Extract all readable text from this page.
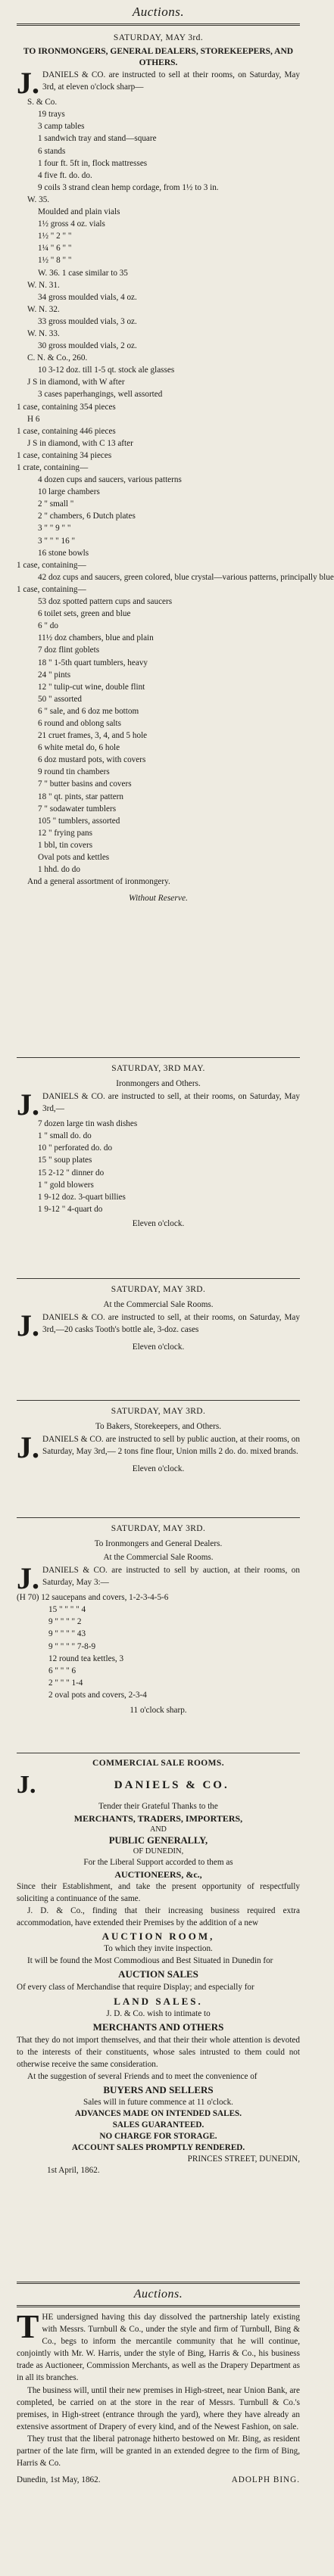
Auctions.
SATURDAY, MAY 3rd.
TO IRONMONGERS, GENERAL DEALERS, STOREKEEPERS, AND OTHERS.
J. DANIELS & CO. are instructed to sell at their rooms, on Saturday, May 3rd, at eleven o'clock sharp—
S. & Co.
19 trays
3 camp tables
1 sandwich tray and stand—square
6 stands
1 four ft. 5ft in, flock mattresses
4 five ft. do. do.
9 coils 3 strand clean hemp cordage, from 1½ to 3 in.
W. 35.
Moulded and plain vials
1½ gross 4 oz. vials
1½ " 2 " "
1¼ " 6 " "
1½ " 8 " "
W. 36. 1 case similar to 35
W. N. 31.
34 gross moulded vials, 4 oz.
W. N. 32.
33 gross moulded vials, 3 oz.
W. N. 33.
30 gross moulded vials, 2 oz.
C. N. & Co., 260.
10 3-12 doz. till 1-5 qt. stock ale glasses
J S in diamond, with W after
3 cases paperhangings, well assorted
1 case, containing 354 pieces
H 6
1 case, containing 446 pieces
J S in diamond, with C 13 after
1 case, containing 34 pieces
1 crate, containing—
4 dozen cups and saucers, various patterns
10 large chambers
2 " small "
2 " chambers, 6 Dutch plates
3 " " 9 " "
3 " " " 16 "
16 stone bowls
1 case, containing—
42 doz cups and saucers, green colored, blue crystal—various patterns, principally blue
1 case, containing—
53 doz spotted pattern cups and saucers
6 toilet sets, green and blue
6 " do
11½ doz chambers, blue and plain
7 doz flint goblets
18 " 1-5th quart tumblers, heavy
24 " pints
12 " tulip-cut wine, double flint
50 " assorted
6 " sale, and 6 doz me bottom
6 round and oblong salts
21 cruet frames, 3, 4, and 5 hole
6 white metal do, 6 hole
6 doz mustard pots, with covers
9 round tin chambers
7 " butter basins and covers
18 " qt. pints, star pattern
7 " sodawater tumblers
105 " tumblers, assorted
12 " frying pans
1 bbl, tin covers
Oval pots and kettles
1 hhd. do do
And a general assortment of ironmongery.
Without Reserve.
SATURDAY, 3RD MAY.
Ironmongers and Others.
J. DANIELS & CO. are instructed to sell, at their rooms, on Saturday, May 3rd,—
7 dozen large tin wash dishes
1 " small do. do
10 " perforated do. do
15 " soup plates
15 2-12 " dinner do
1 " gold blowers
1 9-12 doz. 3-quart billies
1 9-12 " 4-quart do
Eleven o'clock.
SATURDAY, MAY 3RD.
At the Commercial Sale Rooms.
J. DANIELS & CO. are instructed to sell, at their rooms, on Saturday, May 3rd,—20 casks Tooth's bottle ale, 3-doz. cases
Eleven o'clock.
SATURDAY, MAY 3RD.
To Bakers, Storekeepers, and Others.
J. DANIELS & CO. are instructed to sell by public auction, at their rooms, on Saturday, May 3rd,— 2 tons fine flour, Union mills 2 do. do. mixed brands.
Eleven o'clock.
SATURDAY, MAY 3RD.
To Ironmongers and General Dealers.
At the Commercial Sale Rooms.
J. DANIELS & CO. are instructed to sell by auction, at their rooms, on Saturday, May 3:—
(H 70) 12 saucepans and covers, 1-2-3-4-5-6
15 " " " " 4
9 " " " " 2
9 " " " " 43
9 " " " " 7-8-9
12 round tea kettles, 3
6 " " " 6
2 " " " 1-4
2 oval pots and covers, 2-3-4
11 o'clock sharp.
COMMERCIAL SALE ROOMS.
J.	DANIELS & CO.
Tender their Grateful Thanks to the
MERCHANTS, TRADERS, IMPORTERS,
AND
PUBLIC GENERALLY,
OF DUNEDIN,
For the Liberal Support accorded to them as
AUCTIONEERS, &c.,
Since their Establishment, and take the present opportunity of respectfully soliciting a continuance of the same.
J. D. & Co., finding that their increasing business required extra accommodation, have extended their Premises by the addition of a new
AUCTION ROOM,
To which they invite inspection.
It will be found the Most Commodious and Best Situated in Dunedin for
AUCTION SALES
Of every class of Merchandise that require Display; and especially for
LAND SALES.
J. D. & Co. wish to intimate to
MERCHANTS AND OTHERS
That they do not import themselves, and that their their whole attention is devoted to the interests of their constituents, whose sales intrusted to them could not otherwise receive the same consideration.
At the suggestion of several Friends and to meet the convenience of
BUYERS AND SELLERS
Sales will in future commence at 11 o'clock.
ADVANCES MADE ON INTENDED SALES.
SALES GUARANTEED.
NO CHARGE FOR STORAGE.
ACCOUNT SALES PROMPTLY RENDERED.
PRINCES STREET, DUNEDIN,
1st April, 1862.
Auctions.
T HE undersigned having this day dissolved the partnership lately existing with Messrs. Turnbull & Co., under the style and firm of Turnbull, Bing & Co., begs to inform the mercantile community that he will continue, conjointly with Mr. W. Harris, under the style of Bing, Harris & Co., his business trade as Auctioneer, Commission Merchants, as well as the Drapery Department as in all its branches.
The business will, until their new premises in High-street, near Union Bank, are completed, be carried on at the store in the rear of Messrs. Turnbull & Co.'s premises, in High-street (entrance through the yard), where they have already an extensive assortment of Drapery of every kind, and of the Newest Fashion, on sale.
They trust that the liberal patronage hitherto bestowed on Mr. Bing, as resident partner of the late firm, will be granted in an extended degree to the firm of Bing, Harris & Co.
Dunedin, 1st May, 1862.	ADOLPH BING.
